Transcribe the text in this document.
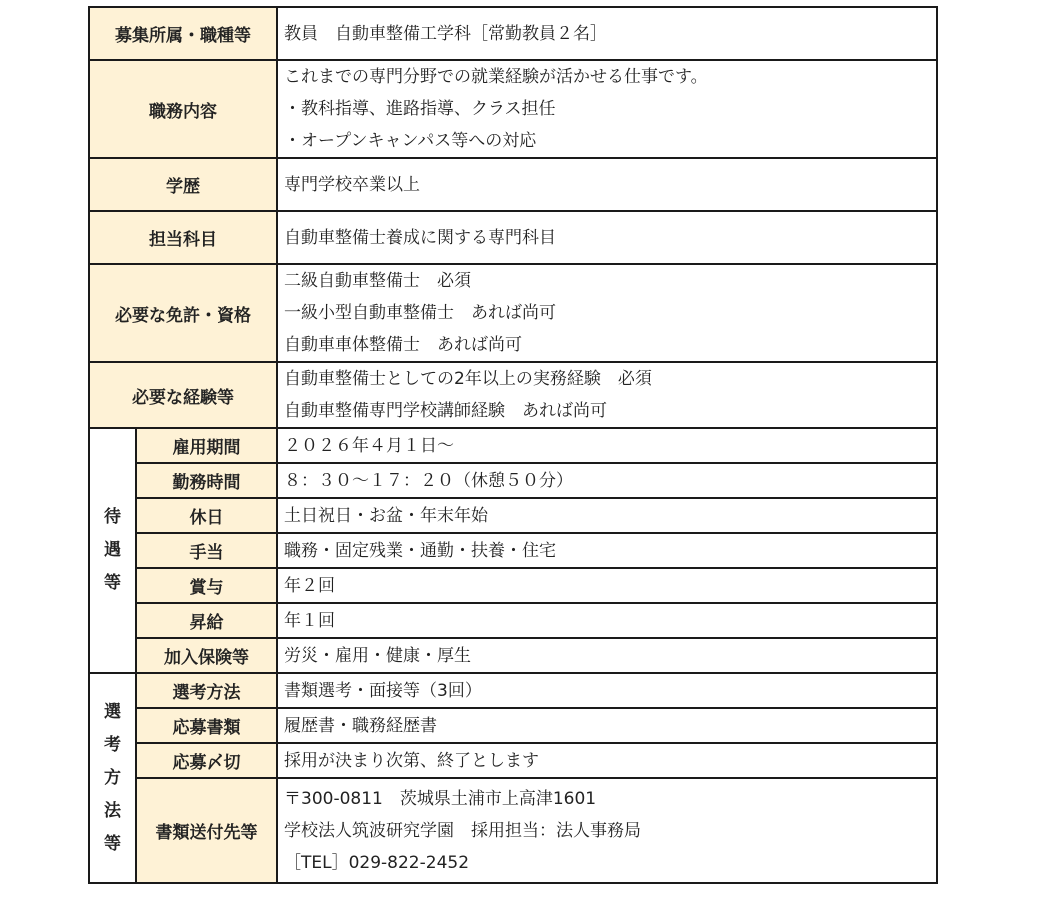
募集所属・職種等		教員　自動車整備工学科［常勤教員２名］

職務内容		これまでの専門分野での就業経験が活かせる仕事です。
・教科指導、進路指導、クラス担任
・オープンキャンパス等への対応

学歴		専門学校卒業以上

担当科目		自動車整備士養成に関する専門科目

必要な免許・資格		二級自動車整備士　必須
一級小型自動車整備士　あれば尚可
自動車車体整備士　あれば尚可

必要な経験等		自動車整備士としての2年以上の実務経験　必須
自動車整備専門学校講師経験　あれば尚可

待遇等	雇用期間	２０２６年４月１日～

	勤務時間	８：３０～１７：２０（休憩５０分）

	休日	土日祝日・お盆・年末年始

	手当	職務・固定残業・通勤・扶養・住宅

	賞与	年２回

	昇給	年１回

	加入保険等	労災・雇用・健康・厚生

選考方法等	選考方法	書類選考・面接等（3回）

	応募書類	履歴書・職務経歴書

	応募〆切	採用が決まり次第、終了とします

	書類送付先等	〒300-0811　茨城県土浦市上高津1601
学校法人筑波研究学園　採用担当：法人事務局
［TEL］029-822-2452
